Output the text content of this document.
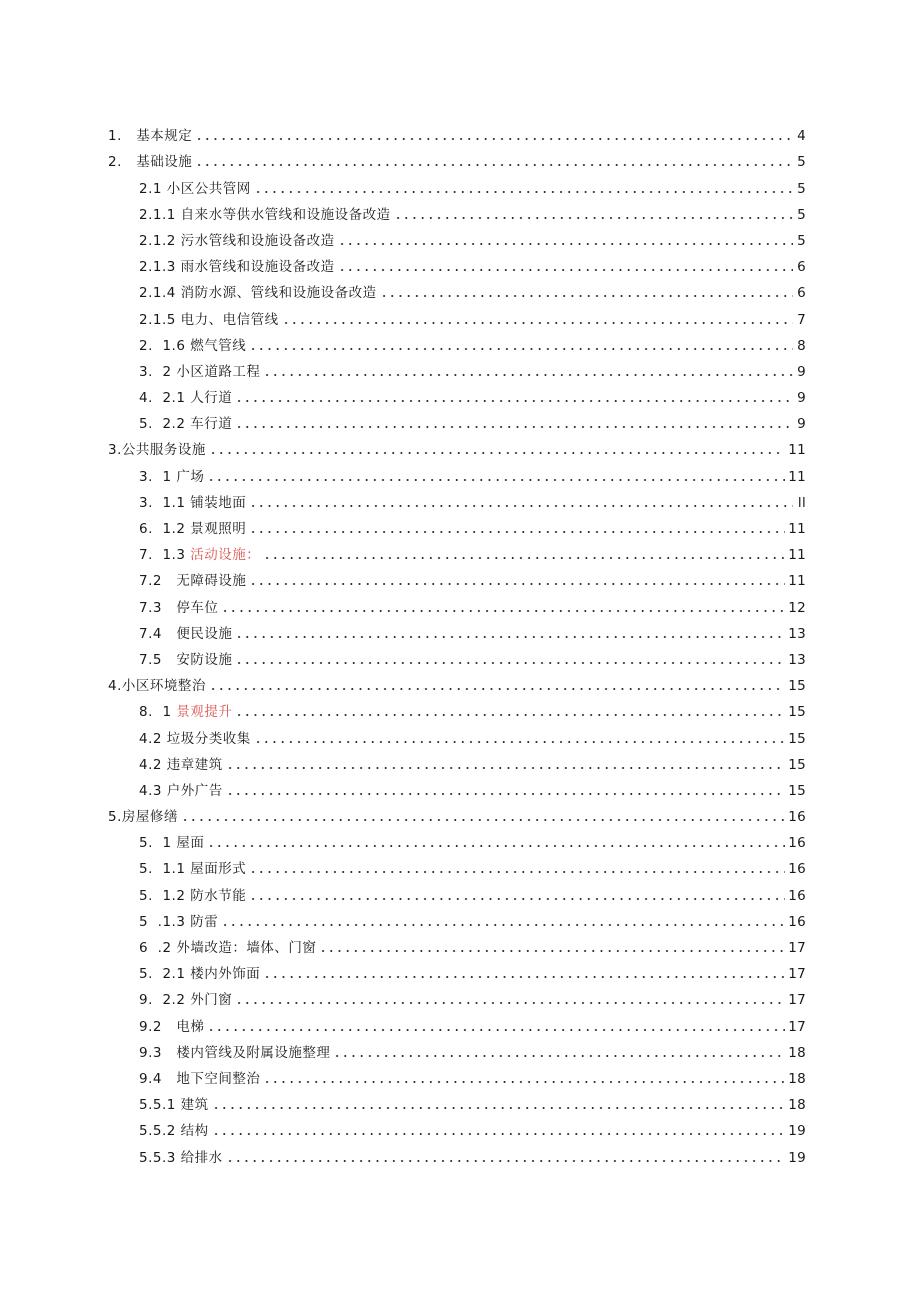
1. 基本规定	4
2. 基础设施	5
2.1 小区公共管网	5
2.1.1 自来水等供水管线和设施设备改造	5
2.1.2 污水管线和设施设备改造	5
2.1.3 雨水管线和设施设备改造	6
2.1.4 消防水源、管线和设施设备改造	6
2.1.5 电力、电信管线	7
2.  1.6 燃气管线	8
3.  2 小区道路工程	9
4.  2.1 人行道	9
5.  2.2 车行道	9
3.公共服务设施	11
3.  1 广场	11
3.  1.1 铺装地面	ll
6.  1.2 景观照明	11
7.  1.3 活动设施：	11
7.2 无障碍设施	11
7.3 停车位	12
7.4 便民设施	13
7.5 安防设施	13
4.小区环境整治	15
8.  1 景观提升	15
4.2 垃圾分类收集	15
4.2 违章建筑	15
4.3 户外广告	15
5.房屋修缮	16
5.  1 屋面	16
5.  1.1 屋面形式	16
5.  1.2 防水节能	16
5  .1.3 防雷	16
6  .2 外墙改造：墙体、门窗	17
5.  2.1 楼内外饰面	17
9.  2.2 外门窗	17
9.2 电梯	17
9.3 楼内管线及附属设施整理	18
9.4 地下空间整治	18
5.5.1 建筑	18
5.5.2 结构	19
5.5.3 给排水	19
